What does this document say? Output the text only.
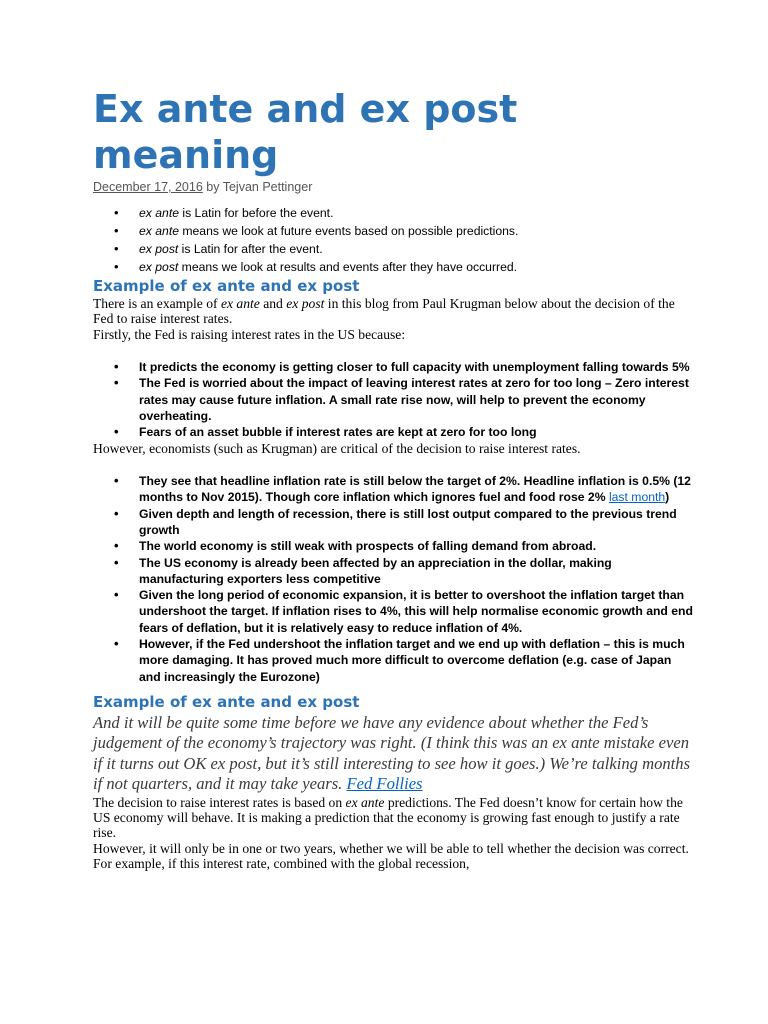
Ex ante and ex post meaning

December 17, 2016 by Tejvan Pettinger

• ex ante is Latin for before the event.
• ex ante means we look at future events based on possible predictions.
• ex post is Latin for after the event.
• ex post means we look at results and events after they have occurred.
Example of ex ante and ex post

There is an example of ex ante and ex post in this blog from Paul Krugman below about the decision of the Fed to raise interest rates.

Firstly, the Fed is raising interest rates in the US because:

• It predicts the economy is getting closer to full capacity with unemployment falling towards 5%
• The Fed is worried about the impact of leaving interest rates at zero for too long – Zero interest rates may cause future inflation. A small rate rise now, will help to prevent the economy overheating.
• Fears of an asset bubble if interest rates are kept at zero for too long

However, economists (such as Krugman) are critical of the decision to raise interest rates.

• They see that headline inflation rate is still below the target of 2%. Headline inflation is 0.5% (12 months to Nov 2015). Though core inflation which ignores fuel and food rose 2% last month)
• Given depth and length of recession, there is still lost output compared to the previous trend growth
• The world economy is still weak with prospects of falling demand from abroad.
• The US economy is already been affected by an appreciation in the dollar, making manufacturing exporters less competitive
• Given the long period of economic expansion, it is better to overshoot the inflation target than undershoot the target. If inflation rises to 4%, this will help normalise economic growth and end fears of deflation, but it is relatively easy to reduce inflation of 4%.
• However, if the Fed undershoot the inflation target and we end up with deflation – this is much more damaging. It has proved much more difficult to overcome deflation (e.g. case of Japan and increasingly the Eurozone)
Example of ex ante and ex post

And it will be quite some time before we have any evidence about whether the Fed’s judgement of the economy’s trajectory was right. (I think this was an ex ante mistake even if it turns out OK ex post, but it’s still interesting to see how it goes.) We’re talking months if not quarters, and it may take years. Fed Follies

The decision to raise interest rates is based on ex ante predictions. The Fed doesn’t know for certain how the US economy will behave. It is making a prediction that the economy is growing fast enough to justify a rate rise.

However, it will only be in one or two years, whether we will be able to tell whether the decision was correct. For example, if this interest rate, combined with the global recession,
